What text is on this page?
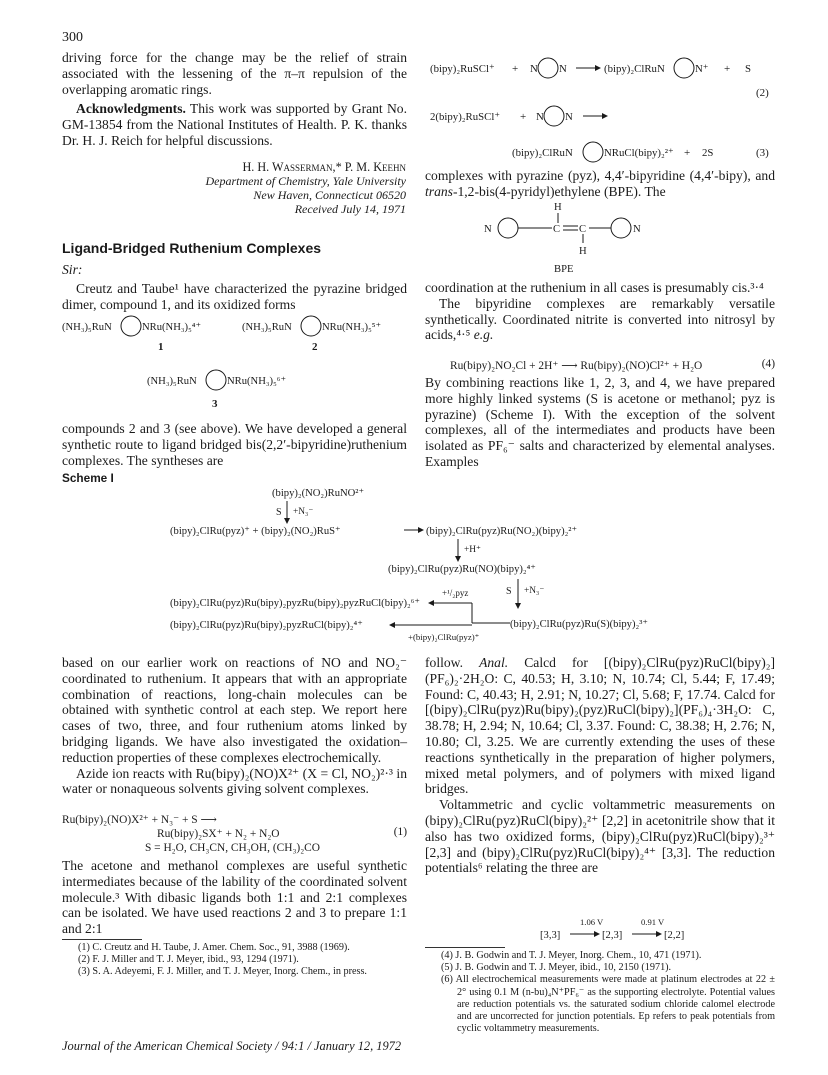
300

driving force for the change may be the relief of strain associated with the lessening of the π–π repulsion of the overlapping aromatic rings.

Acknowledgments. This work was supported by Grant No. GM-13854 from the National Institutes of Health. P. K. thanks Dr. H. J. Reich for helpful discussions.

H. H. Wasserman,* P. M. Keehn
Department of Chemistry, Yale University
New Haven, Connecticut 06520
Received July 14, 1971
Ligand-Bridged Ruthenium Complexes
Sir:

Creutz and Taube¹ have characterized the pyrazine bridged dimer, compound 1, and its oxidized forms

(NH₃)₅RuN	NRu(NH₃)₅⁴⁺
1
(NH₃)₅RuN	NRu(NH₃)₅⁵⁺
2
(NH₃)₅RuN	NRu(NH₃)₅⁶⁺
3

compounds 2 and 3 (see above). We have developed a general synthetic route to ligand bridged bis(2,2′-bipyridine)ruthenium complexes. The syntheses are

(bipy)₂RuSCl⁺ + N N	(bipy)₂ClRuN	N⁺ + S
(2)
2(bipy)₂RuSCl⁺ + N N
(bipy)₂ClRuN	NRuCl(bipy)₂²⁺ + 2S	(3)

complexes with pyrazine (pyz), 4,4′-bipyridine (4,4′-bipy), and trans-1,2-bis(4-pyridyl)ethylene (BPE). The

H
N	C C	N
H
BPE

coordination at the ruthenium in all cases is presumably cis.³·⁴

The bipyridine complexes are remarkably versatile synthetically. Coordinated nitrite is converted into nitrosyl by acids,⁴·⁵ e.g.

Ru(bipy)₂NO₂Cl + 2H⁺ ⟶ Ru(bipy)₂(NO)Cl²⁺ + H₂O	(4)

By combining reactions like 1, 2, 3, and 4, we have prepared more highly linked systems (S is acetone or methanol; pyz is pyrazine) (Scheme I). With the exception of the solvent complexes, all of the intermediates and products have been isolated as PF₆⁻ salts and characterized by elemental analyses. Examples

Scheme I
(bipy)₂(NO₂)RuNO²⁺
S +N₃⁻
(bipy)₂ClRu(pyz)⁺ + (bipy)₂(NO₂)RuS⁺	(bipy)₂ClRu(pyz)Ru(NO₂)(bipy)₂²⁺
+H⁺
(bipy)₂ClRu(pyz)Ru(NO)(bipy)₂⁴⁺
S +N₃⁻
+¹/₂pyz
(bipy)₂ClRu(pyz)Ru(bipy)₂pyzRu(bipy)₂pyzRuCl(bipy)₂⁶⁺
(bipy)₂ClRu(pyz)Ru(S)(bipy)₂³⁺
(bipy)₂ClRu(pyz)Ru(bipy)₂pyzRuCl(bipy)₂⁴⁺
+(bipy)₂ClRu(pyz)⁺

based on our earlier work on reactions of NO and NO₂⁻ coordinated to ruthenium. It appears that with an appropriate combination of reactions, long-chain molecules can be obtained with synthetic control at each step. We report here cases of two, three, and four ruthenium atoms linked by bridging ligands. We have also investigated the oxidation–reduction properties of these complexes electrochemically.

Azide ion reacts with Ru(bipy)₂(NO)X²⁺ (X = Cl, NO₂)²·³ in water or nonaqueous solvents giving solvent complexes.

Ru(bipy)₂(NO)X²⁺ + N₃⁻ + S ⟶
Ru(bipy)₂SX⁺ + N₂ + N₂O	(1)
S = H₂O, CH₃CN, CH₃OH, (CH₃)₂CO

The acetone and methanol complexes are useful synthetic intermediates because of the lability of the coordinated solvent molecule.³ With dibasic ligands both 1:1 and 2:1 complexes can be isolated. We have used reactions 2 and 3 to prepare 1:1 and 2:1

(1) C. Creutz and H. Taube, J. Amer. Chem. Soc., 91, 3988 (1969).

(2) F. J. Miller and T. J. Meyer, ibid., 93, 1294 (1971).

(3) S. A. Adeyemi, F. J. Miller, and T. J. Meyer, Inorg. Chem., in press.

follow. Anal. Calcd for [(bipy)₂ClRu(pyz)RuCl(bipy)₂](PF₆)₂·2H₂O: C, 40.53; H, 3.10; N, 10.74; Cl, 5.44; F, 17.49; Found: C, 40.43; H, 2.91; N, 10.27; Cl, 5.68; F, 17.74. Calcd for [(bipy)₂ClRu(pyz)Ru(bipy)₂(pyz)RuCl(bipy)₂](PF₆)₄·3H₂O: C, 38.78; H, 2.94; N, 10.64; Cl, 3.37. Found: C, 38.38; H, 2.76; N, 10.80; Cl, 3.25. We are currently extending the uses of these reactions synthetically in the preparation of higher polymers, mixed metal polymers, and of polymers with mixed ligand bridges.

Voltammetric and cyclic voltammetric measurements on (bipy)₂ClRu(pyz)RuCl(bipy)₂²⁺ [2,2] in acetonitrile show that it also has two oxidized forms, (bipy)₂ClRu(pyz)RuCl(bipy)₂³⁺ [2,3] and (bipy)₂ClRu(pyz)RuCl(bipy)₂⁴⁺ [3,3]. The reduction potentials⁶ relating the three are

[3,3]
1.06 V
[2,3]
0.91 V
[2,2]

(4) J. B. Godwin and T. J. Meyer, Inorg. Chem., 10, 471 (1971).

(5) J. B. Godwin and T. J. Meyer, ibid., 10, 2150 (1971).

(6) All electrochemical measurements were made at platinum electrodes at 22 ± 2° using 0.1 M (n-bu)₄N⁺PF₆⁻ as the supporting electrolyte. Potential values are reduction potentials vs. the saturated sodium chloride calomel electrode and are uncorrected for junction potentials. Ep refers to peak potentials from cyclic voltammetry measurements.

Journal of the American Chemical Society / 94:1 / January 12, 1972
